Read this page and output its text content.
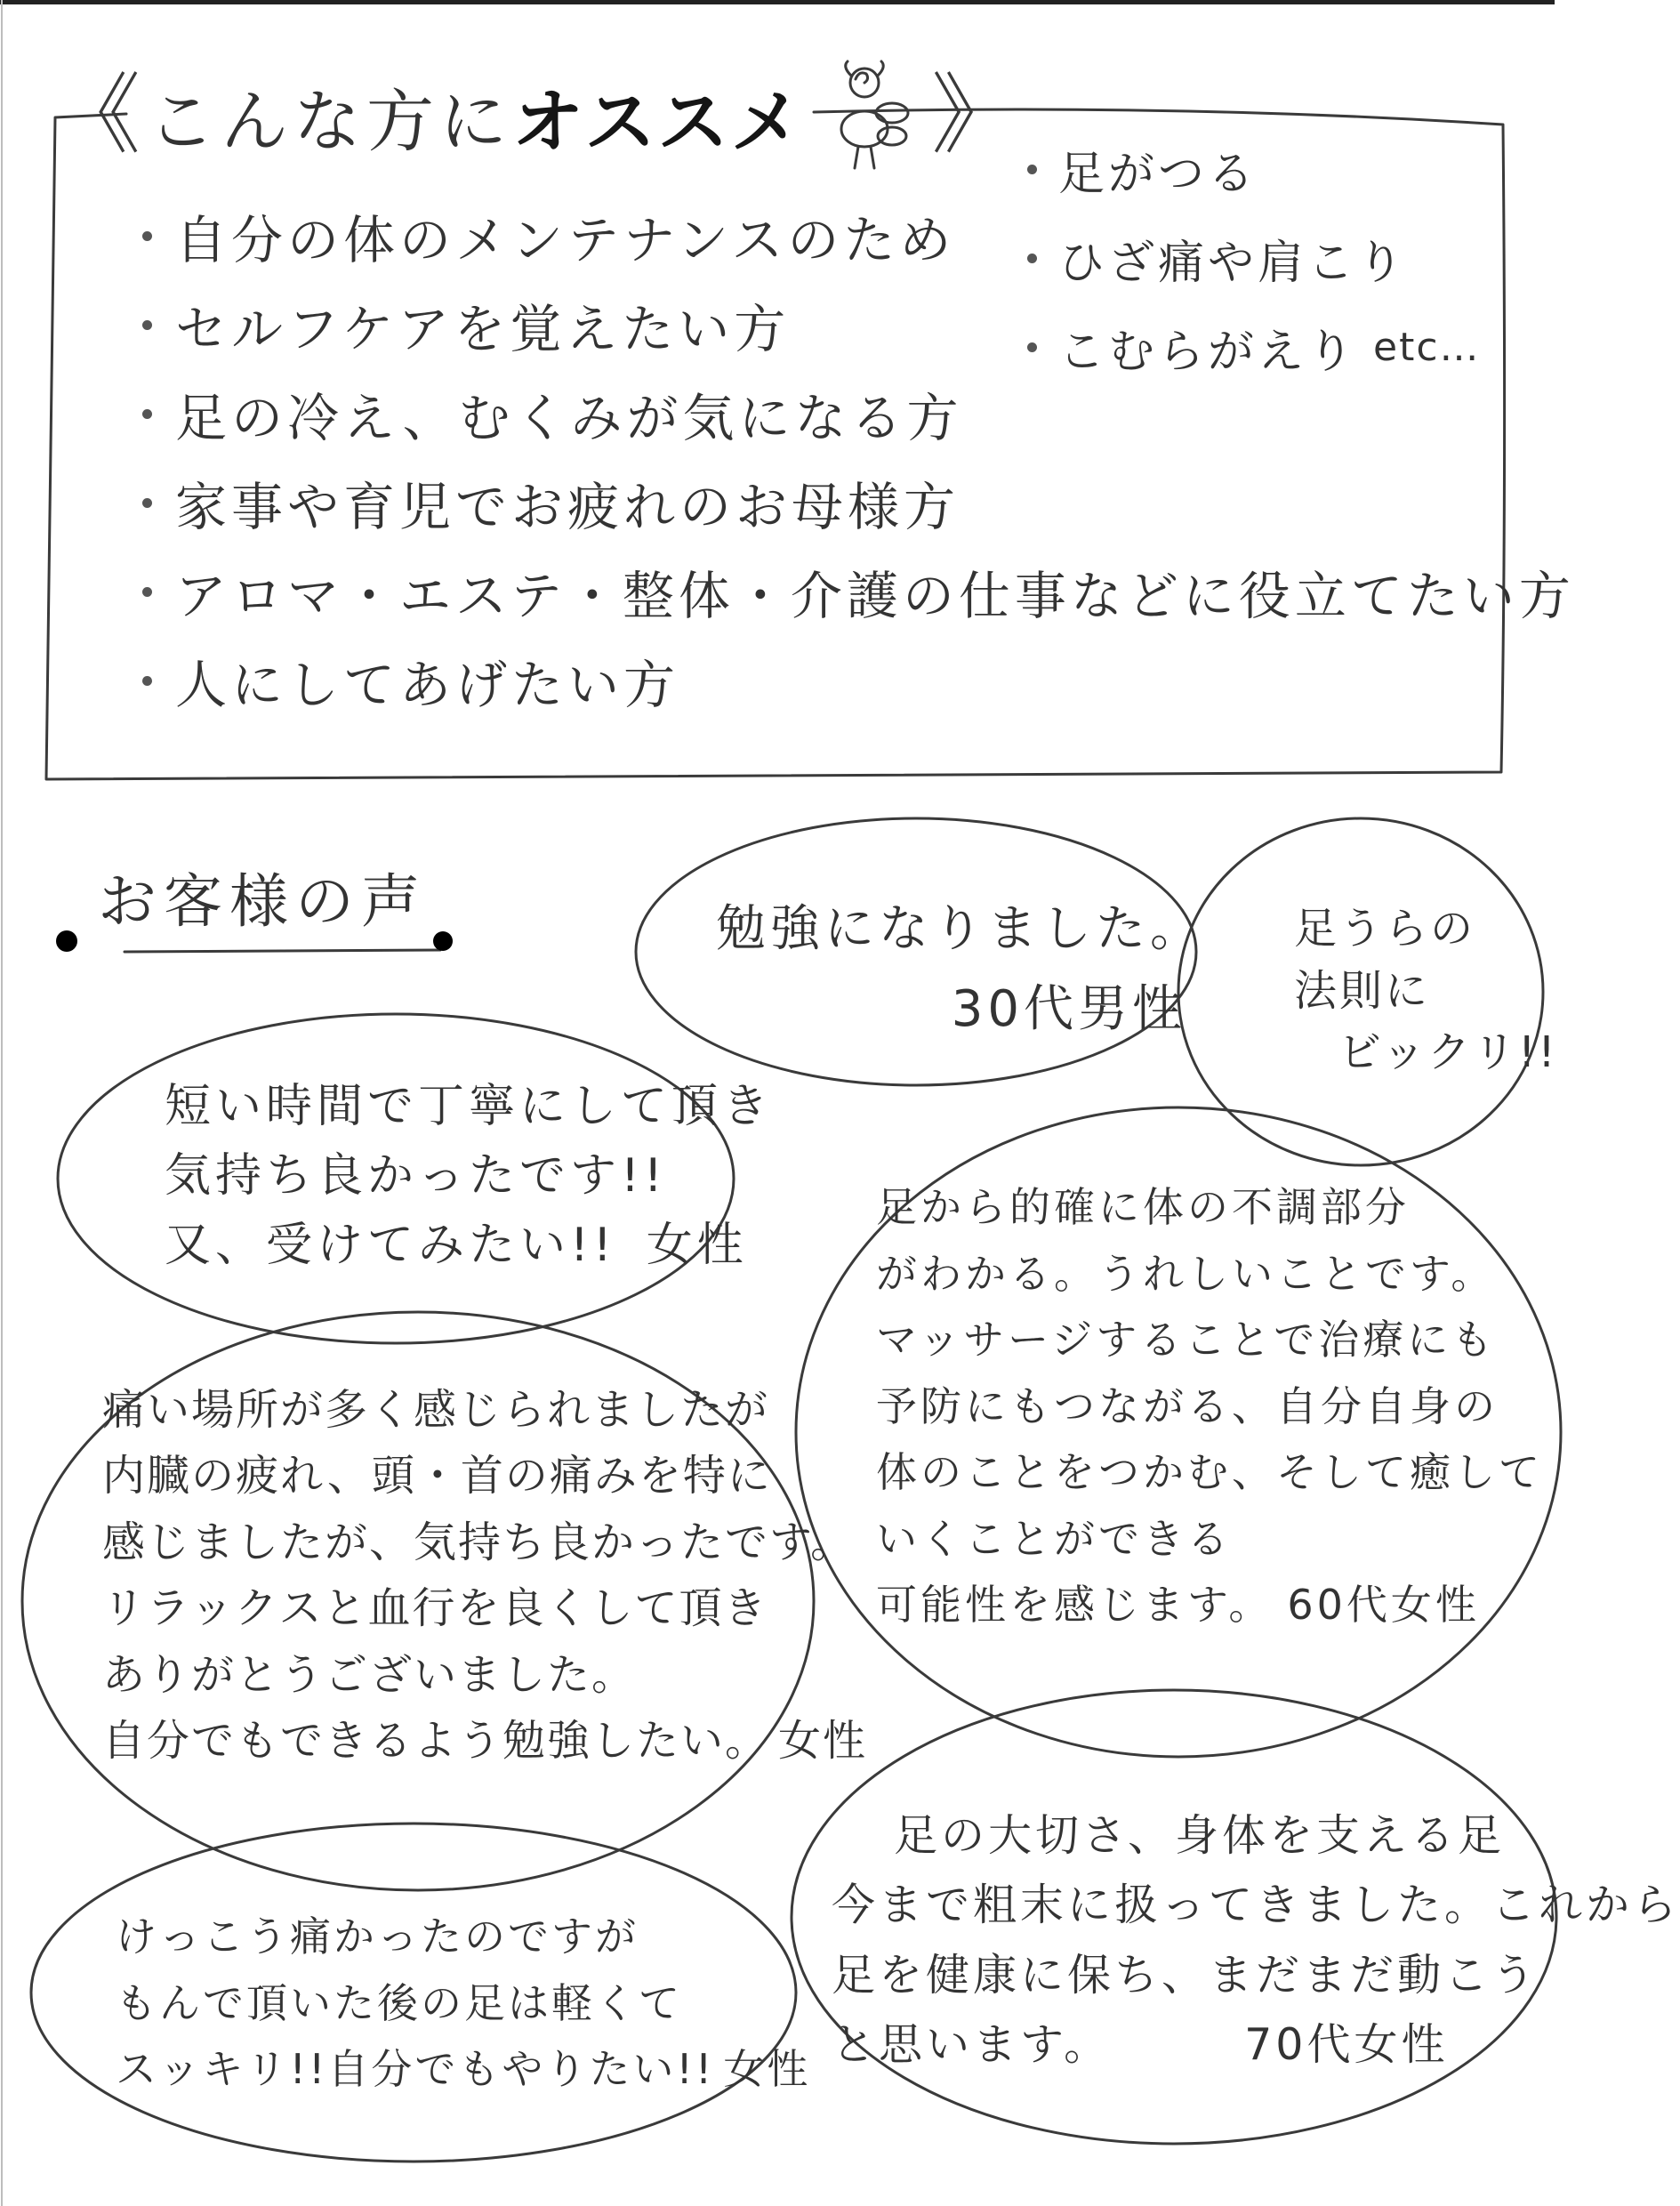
《 こんな方に オススメ 》
自分の体のメンテナンスのため
セルフケアを覚えたい方
足の冷え、むくみが気になる方
家事や育児でお疲れのお母様方
アロマ・エステ・整体・介護の仕事などに役立てたい方
人にしてあげたい方
足がつる
ひざ痛や肩こり
こむらがえり etc…
お客様の声	勉強になりました。

30代男性

足うらの

法則に

ビックリ!!

短い時間で丁寧にして頂き

気持ち良かったです!!

又、受けてみたい!! 女性

足から的確に体の不調部分

がわかる。うれしいことです。

マッサージすることで治療にも

予防にもつながる、自分自身の

体のことをつかむ、そして癒して

いくことができる

可能性を感じます。 60代女性

痛い場所が多く感じられましたが

内臓の疲れ、頭・首の痛みを特に

感じましたが、気持ち良かったです。

リラックスと血行を良くして頂き

ありがとうございました。

自分でもできるよう勉強したい。 女性

けっこう痛かったのですが

もんで頂いた後の足は軽くて

スッキリ!!自分でもやりたい!! 女性

足の大切さ、身体を支える足

今まで粗末に扱ってきました。これから

足を健康に保ち、まだまだ動こう

と思います。	70代女性
